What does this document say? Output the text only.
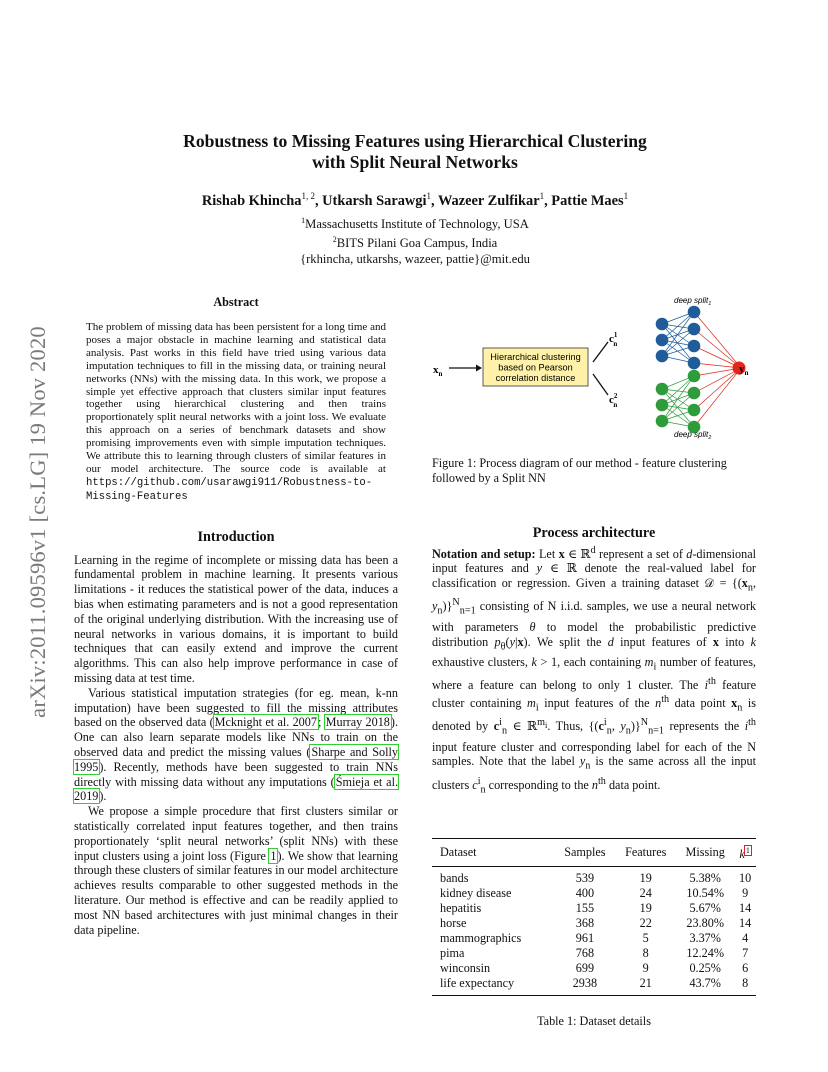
arXiv:2011.09596v1 [cs.LG] 19 Nov 2020
Robustness to Missing Features using Hierarchical Clustering
with Split Neural Networks
Rishab Khincha$^{1, 2}$, Utkarsh Sarawgi$^1$, Wazeer Zulfikar$^1$, Pattie Maes$^1$
$^1$Massachusetts Institute of Technology, USA
$^2$BITS Pilani Goa Campus, India
{rkhincha, utkarshs, wazeer, pattie}@mit.edu
Abstract
The problem of missing data has been persistent for a long time and poses a major obstacle in machine learning and statistical data analysis. Past works in this field have tried using various data imputation techniques to fill in the missing data, or training neural networks (NNs) with the missing data. In this work, we propose a simple yet effective approach that clusters similar input features together using hierarchical clustering and then trains proportionately split neural networks with a joint loss. We evaluate this approach on a series of benchmark datasets and show promising improvements even with simple imputation techniques. We attribute this to learning through clusters of similar features in our model architecture. The source code is available at https://github.com/usarawgi911/Robustness-to-Missing-Features
Introduction

Learning in the regime of incomplete or missing data has been a fundamental problem in machine learning. It presents various limitations - it reduces the statistical power of the data, induces a bias when estimating parameters and is not a good representation of the original underlying distribution. With the increasing use of neural networks in various domains, it is important to build techniques that can easily extend and improve the current algorithms. This can also help improve performance in case of missing data at test time.

Various statistical imputation strategies (for eg. mean, k-nn imputation) have been suggested to fill the missing attributes based on the observed data (Mcknight et al. 2007; Murray 2018). One can also learn separate models like NNs to train on the observed data and predict the missing values (Sharpe and Solly 1995). Recently, methods have been suggested to train NNs directly with missing data without any imputations (Śmieja et al. 2019).

We propose a simple procedure that first clusters similar or statistically correlated input features together, and then trains proportionately ‘split neural networks’ (split NNs) with these input clusters using a joint loss (Figure 1). We show that learning through these clusters of similar features in our model architecture achieves results comparable to other suggested methods in the literature. Our method is effective and can be readily applied to most NN based architectures with just minimal changes in their data pipeline.

$x_n$
Hierarchical clustering
based on Pearson
correlation distance
$c^1$ n
$c^2$ n
$y_n$
deep split$_1$
deep split$_2$
Figure 1: Process diagram of our method - feature clustering followed by a Split NN
Process architecture

Notation and setup: Let x ∈ ℝ$^d$ represent a set of d-dimensional input features and y ∈ ℝ denote the real-valued label for classification or regression. Given a training dataset 𝒟 = {($x_n$, $y_n)\}^N_{n=1}$ consisting of N i.i.d. samples, we use a neural network with parameters θ to model the probabilistic predictive distribution $p_\theta(y|x)$. We split the d input features of x into k exhaustive clusters, k > 1, each containing $m_i$ number of features, where a feature can belong to only 1 cluster. The $i^{th}$ feature cluster containing $m_i$ input features of the $n^{th}$ data point $x_n$ is denoted by $c^i_n$ ∈ ℝ$^{m_i}$. Thus, {($c^i_n$, $y_n)\}^N_{n=1}$ represents the $i^{th}$ input feature cluster and corresponding label for each of the N samples. Note that the label $y_n$ is the same across all the input clusters $c^i_n$ corresponding to the $n^{th}$ data point.

Dataset	Samples	Features	Missing	k$^1$
bands	539	19	5.38%	10
kidney disease	400	24	10.54%	9
hepatitis	155	19	5.67%	14
horse	368	22	23.80%	14
mammographics	961	5	3.37%	4
pima	768	8	12.24%	7
winconsin	699	9	0.25%	6
life expectancy	2938	21	43.7%	8
Table 1: Dataset details
